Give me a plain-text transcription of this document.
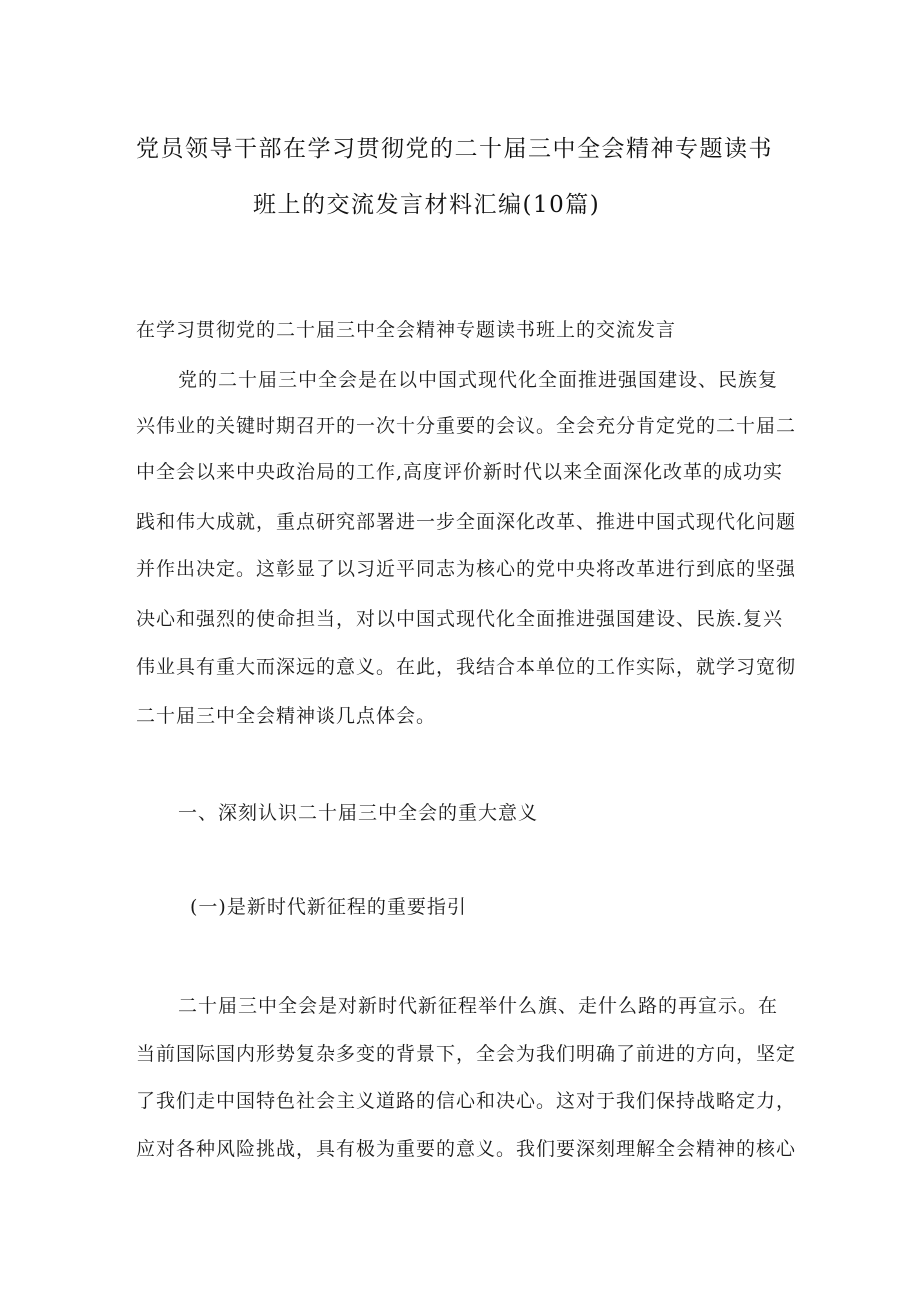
党员领导干部在学习贯彻党的二十届三中全会精神专题读书
班上的交流发言材料汇编(10篇)
在学习贯彻党的二十届三中全会精神专题读书班上的交流发言
党的二十届三中全会是在以中国式现代化全面推进强国建设、民族复
兴伟业的关键时期召开的一次十分重要的会议。全会充分肯定党的二十届二
中全会以来中央政治局的工作,高度评价新时代以来全面深化改革的成功实
践和伟大成就，重点研究部署进一步全面深化改革、推进中国式现代化问题
并作出决定。这彰显了以习近平同志为核心的党中央将改革进行到底的坚强
决心和强烈的使命担当，对以中国式现代化全面推进强国建设、民族.复兴
伟业具有重大而深远的意义。在此，我结合本单位的工作实际，就学习宽彻
二十届三中全会精神谈几点体会。
一、深刻认识二十届三中全会的重大意义
(一)是新时代新征程的重要指引
二十届三中全会是对新时代新征程举什么旗、走什么路的再宣示。在
当前国际国内形势复杂多变的背景下，全会为我们明确了前进的方向，坚定
了我们走中国特色社会主义道路的信心和决心。这对于我们保持战略定力，
应对各种风险挑战，具有极为重要的意义。我们要深刻理解全会精神的核心
